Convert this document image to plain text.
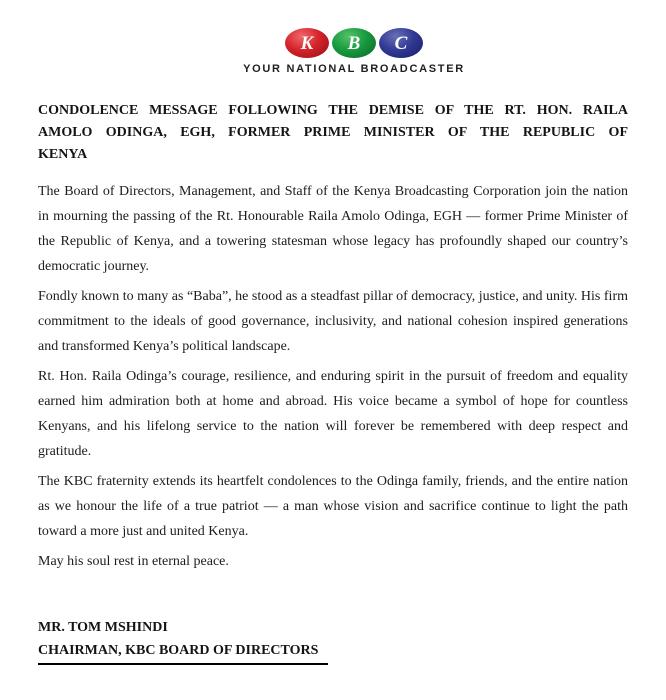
K B C
YOUR NATIONAL BROADCASTER
CONDOLENCE MESSAGE FOLLOWING THE DEMISE OF THE RT. HON. RAILA
AMOLO ODINGA, EGH, FORMER PRIME MINISTER OF THE REPUBLIC OF
KENYA

The Board of Directors, Management, and Staff of the Kenya Broadcasting Corporation join the nation in mourning the passing of the Rt. Honourable Raila Amolo Odinga, EGH — former Prime Minister of the Republic of Kenya, and a towering statesman whose legacy has profoundly shaped our country’s democratic journey.

Fondly known to many as “Baba”, he stood as a steadfast pillar of democracy, justice, and unity. His firm commitment to the ideals of good governance, inclusivity, and national cohesion inspired generations and transformed Kenya’s political landscape.

Rt. Hon. Raila Odinga’s courage, resilience, and enduring spirit in the pursuit of freedom and equality earned him admiration both at home and abroad. His voice became a symbol of hope for countless Kenyans, and his lifelong service to the nation will forever be remembered with deep respect and gratitude.

The KBC fraternity extends its heartfelt condolences to the Odinga family, friends, and the entire nation as we honour the life of a true patriot — a man whose vision and sacrifice continue to light the path toward a more just and united Kenya.

May his soul rest in eternal peace.

MR. TOM MSHINDI
CHAIRMAN, KBC BOARD OF DIRECTORS
